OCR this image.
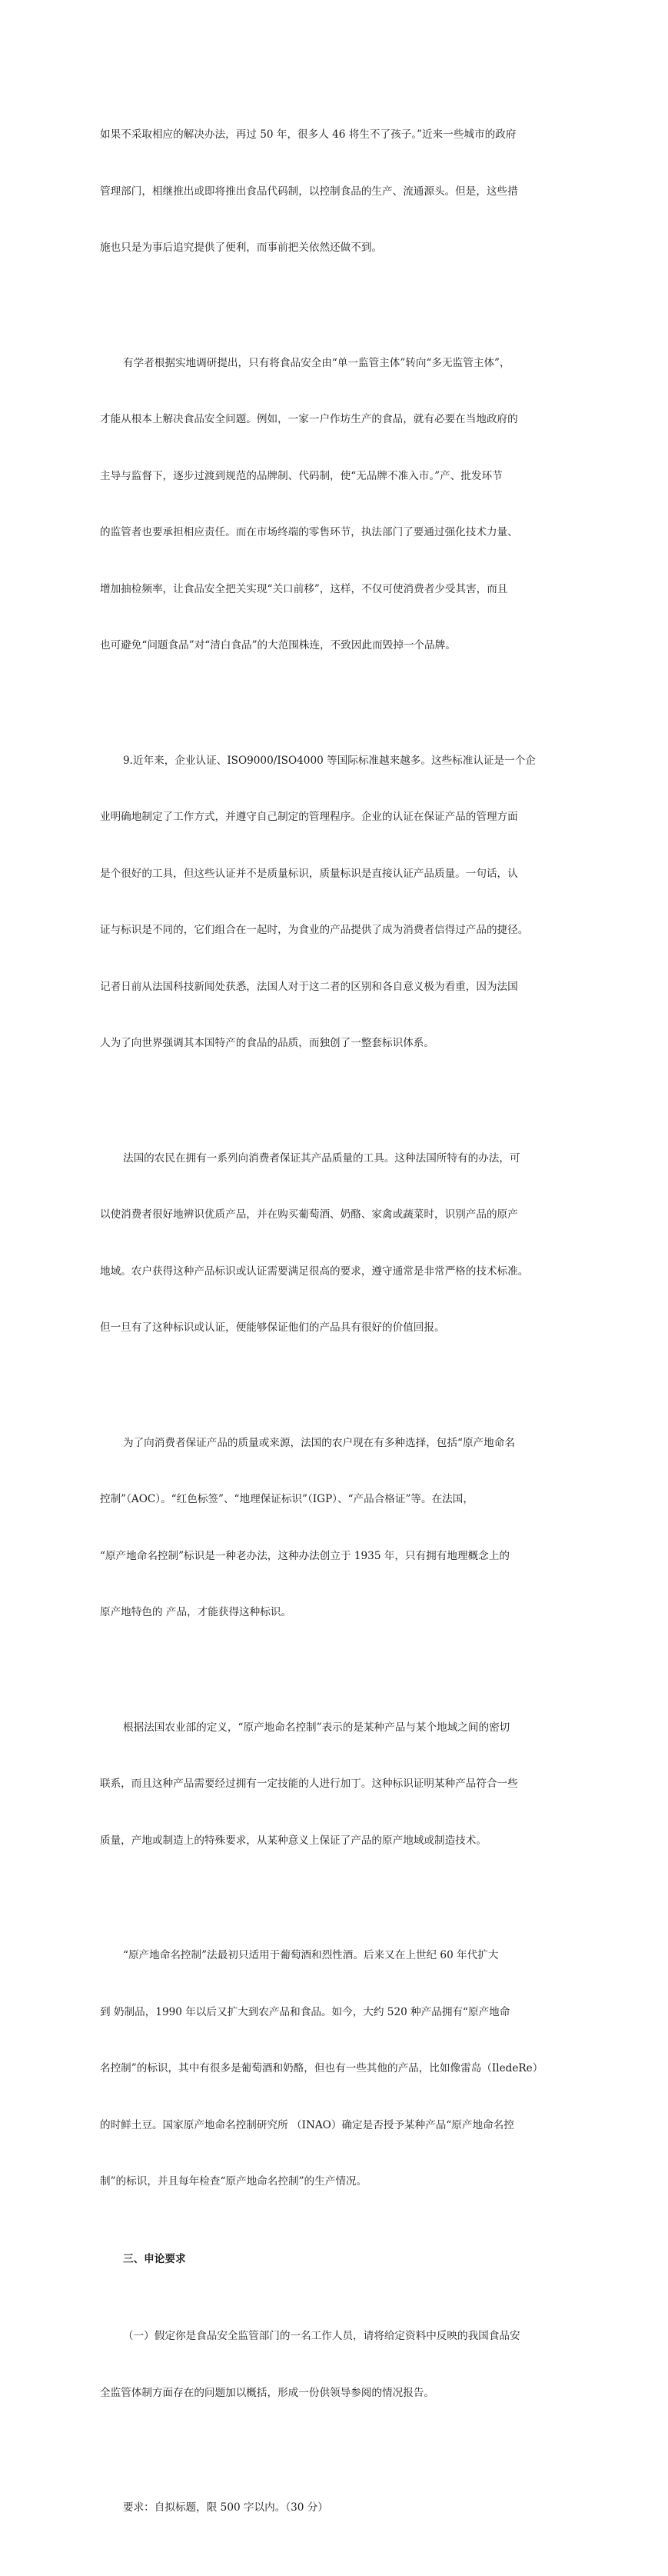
如果不采取相应的解决办法，再过 50 年，很多人 46 将生不了孩子。”近来一些城市的政府

管理部门，相继推出或即将推出食品代码制，以控制食品的生产、流通源头。但是，这些措

施也只是为事后追究提供了便利，而事前把关依然还做不到。

有学者根据实地调研提出，只有将食品安全由“单一监管主体”转向“多无监管主体”，

才能从根本上解决食品安全问题。例如，一家一户作坊生产的食品，就有必要在当地政府的

主导与监督下，逐步过渡到规范的品牌制、代码制，使“无品牌不准入市。”产、批发环节

的监管者也要承担相应责任。而在市场终端的零售环节，执法部门了要通过强化技术力量、

增加抽检频率，让食品安全把关实现“关口前移”，这样，不仅可使消费者少受其害，而且

也可避免“问题食品”对“清白食品”的大范围株连，不致因此而毁掉一个品牌。

9.近年来，企业认证、ISO9000/ISO4000 等国际标准越来越多。这些标准认证是一个企

业明确地制定了工作方式，并遵守自己制定的管理程序。企业的认证在保证产品的管理方面

是个很好的工具，但这些认证并不是质量标识，质量标识是直接认证产品质量。一句话，认

证与标识是不同的，它们组合在一起时，为食业的产品提供了成为消费者信得过产品的捷径。

记者日前从法国科技新闻处获悉，法国人对于这二者的区别和各自意义极为看重，因为法国

人为了向世界强调其本国特产的食品的品质，而独创了一整套标识体系。

法国的农民在拥有一系列向消费者保证其产品质量的工具。这种法国所特有的办法，可

以使消费者很好地辨识优质产品，并在购买葡萄酒、奶酪、家禽或蔬菜时，识别产品的原产

地域。农户获得这种产品标识或认证需要满足很高的要求，遵守通常是非常严格的技术标准。

但一旦有了这种标识或认证，便能够保证他们的产品具有很好的价值回报。

为了向消费者保证产品的质量或来源，法国的农户现在有多种选择，包括“原产地命名

控制”（AOC）。“红色标签”、“地理保证标识”（IGP）、“产品合格证”等。在法国，

“原产地命名控制”标识是一种老办法，这种办法创立于 1935 年，只有拥有地理概念上的

原产地特色的 产品，才能获得这种标识。

根据法国农业部的定义，“原产地命名控制”表示的是某种产品与某个地域之间的密切

联系，而且这种产品需要经过拥有一定技能的人进行加丁。这种标识证明某种产品符合一些

质量，产地或制造上的特殊要求，从某种意义上保证了产品的原产地域或制造技术。

“原产地命名控制”法最初只适用于葡萄酒和烈性酒。后来又在上世纪 60 年代扩大

到 奶制品，1990 年以后又扩大到农产品和食品。如今，大约 520 种产品拥有“原产地命

名控制”的标识，其中有很多是葡萄酒和奶酪，但也有一些其他的产品，比如像雷岛（IledeRe）

的时鲜土豆。国家原产地命名控制研究所 （INAO）确定是否授予某种产品“原产地命名控

制”的标识，并且每年检查“原产地命名控制”的生产情况。

三、申论要求

（一）假定你是食品安全监管部门的一名工作人员，请将给定资料中反映的我国食品安

全监管体制方面存在的问题加以概括，形成一份供领导参阅的情况报告。

要求：自拟标题，限 500 字以内。（30 分）
